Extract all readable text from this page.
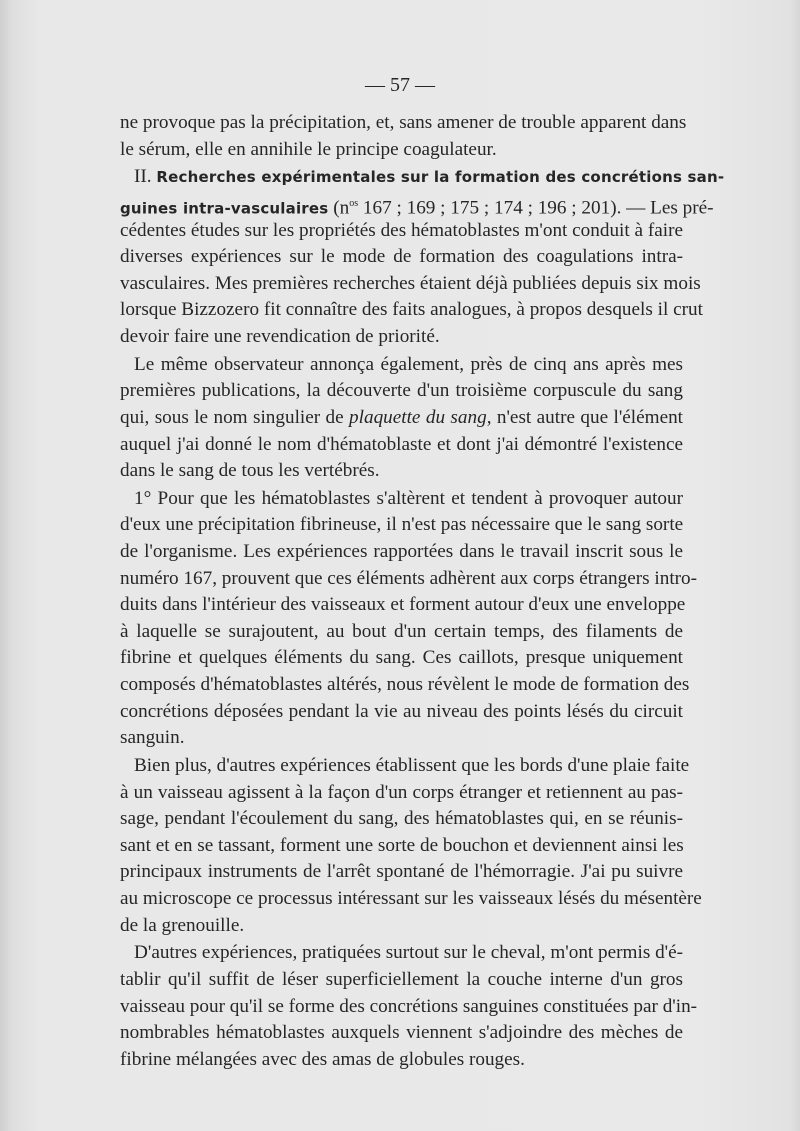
— 57 —
ne provoque pas la précipitation, et, sans amener de trouble apparent dans
le sérum, elle en annihile le principe coagulateur.
II. Recherches expérimentales sur la formation des concrétions san-
guines intra-vasculaires ($n^{os}$ 167 ; 169 ; 175 ; 174 ; 196 ; 201). — Les pré-
cédentes études sur les propriétés des hématoblastes m'ont conduit à faire
diverses expériences sur le mode de formation des coagulations intra-
vasculaires. Mes premières recherches étaient déjà publiées depuis six mois
lorsque Bizzozero fit connaître des faits analogues, à propos desquels il crut
devoir faire une revendication de priorité.
Le même observateur annonça également, près de cinq ans après mes
premières publications, la découverte d'un troisième corpuscule du sang
qui, sous le nom singulier de plaquette du sang, n'est autre que l'élément
auquel j'ai donné le nom d'hématoblaste et dont j'ai démontré l'existence
dans le sang de tous les vertébrés.
1° Pour que les hématoblastes s'altèrent et tendent à provoquer autour
d'eux une précipitation fibrineuse, il n'est pas nécessaire que le sang sorte
de l'organisme. Les expériences rapportées dans le travail inscrit sous le
numéro 167, prouvent que ces éléments adhèrent aux corps étrangers intro-
duits dans l'intérieur des vaisseaux et forment autour d'eux une enveloppe
à laquelle se surajoutent, au bout d'un certain temps, des filaments de
fibrine et quelques éléments du sang. Ces caillots, presque uniquement
composés d'hématoblastes altérés, nous révèlent le mode de formation des
concrétions déposées pendant la vie au niveau des points lésés du circuit
sanguin.
Bien plus, d'autres expériences établissent que les bords d'une plaie faite
à un vaisseau agissent à la façon d'un corps étranger et retiennent au pas-
sage, pendant l'écoulement du sang, des hématoblastes qui, en se réunis-
sant et en se tassant, forment une sorte de bouchon et deviennent ainsi les
principaux instruments de l'arrêt spontané de l'hémorragie. J'ai pu suivre
au microscope ce processus intéressant sur les vaisseaux lésés du mésentère
de la grenouille.
D'autres expériences, pratiquées surtout sur le cheval, m'ont permis d'é-
tablir qu'il suffit de léser superficiellement la couche interne d'un gros
vaisseau pour qu'il se forme des concrétions sanguines constituées par d'in-
nombrables hématoblastes auxquels viennent s'adjoindre des mèches de
fibrine mélangées avec des amas de globules rouges.
